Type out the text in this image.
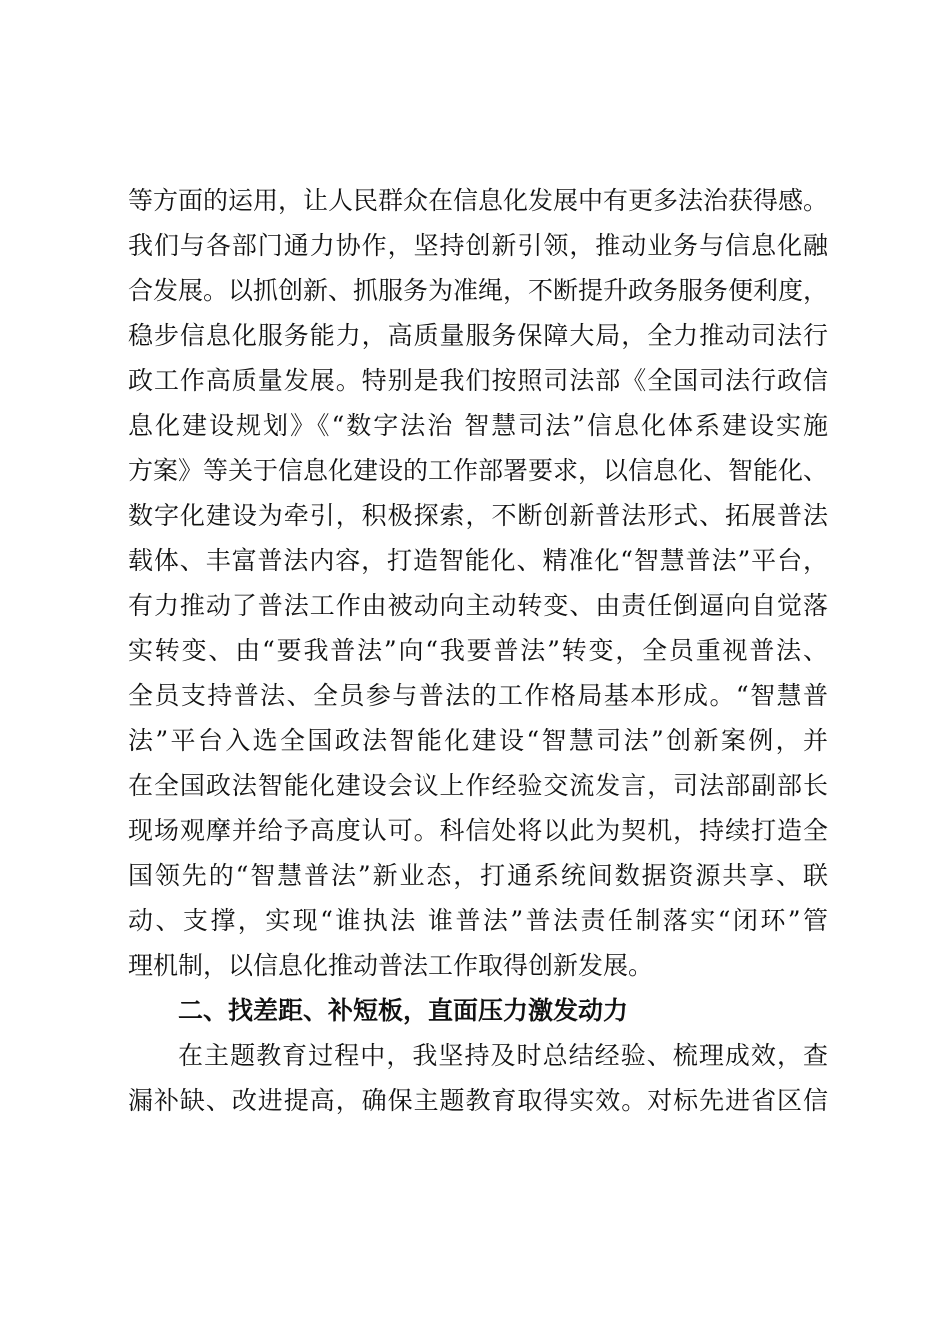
等方面的运用，让人民群众在信息化发展中有更多法治获得感。
我们与各部门通力协作，坚持创新引领，推动业务与信息化融
合发展。以抓创新、抓服务为准绳，不断提升政务服务便利度，
稳步信息化服务能力，高质量服务保障大局，全力推动司法行
政工作高质量发展。特别是我们按照司法部《全国司法行政信
息化建设规划》《“数字法治 智慧司法”信息化体系建设实施
方案》等关于信息化建设的工作部署要求，以信息化、智能化、
数字化建设为牵引，积极探索，不断创新普法形式、拓展普法
载体、丰富普法内容，打造智能化、精准化“智慧普法”平台，
有力推动了普法工作由被动向主动转变、由责任倒逼向自觉落
实转变、由“要我普法”向“我要普法”转变，全员重视普法、
全员支持普法、全员参与普法的工作格局基本形成。“智慧普
法”平台入选全国政法智能化建设“智慧司法”创新案例，并
在全国政法智能化建设会议上作经验交流发言，司法部副部长
现场观摩并给予高度认可。科信处将以此为契机，持续打造全
国领先的“智慧普法”新业态，打通系统间数据资源共享、联
动、支撑，实现“谁执法 谁普法”普法责任制落实“闭环”管
理机制，以信息化推动普法工作取得创新发展。
二、找差距、补短板，直面压力激发动力
在主题教育过程中，我坚持及时总结经验、梳理成效，查
漏补缺、改进提高，确保主题教育取得实效。对标先进省区信
